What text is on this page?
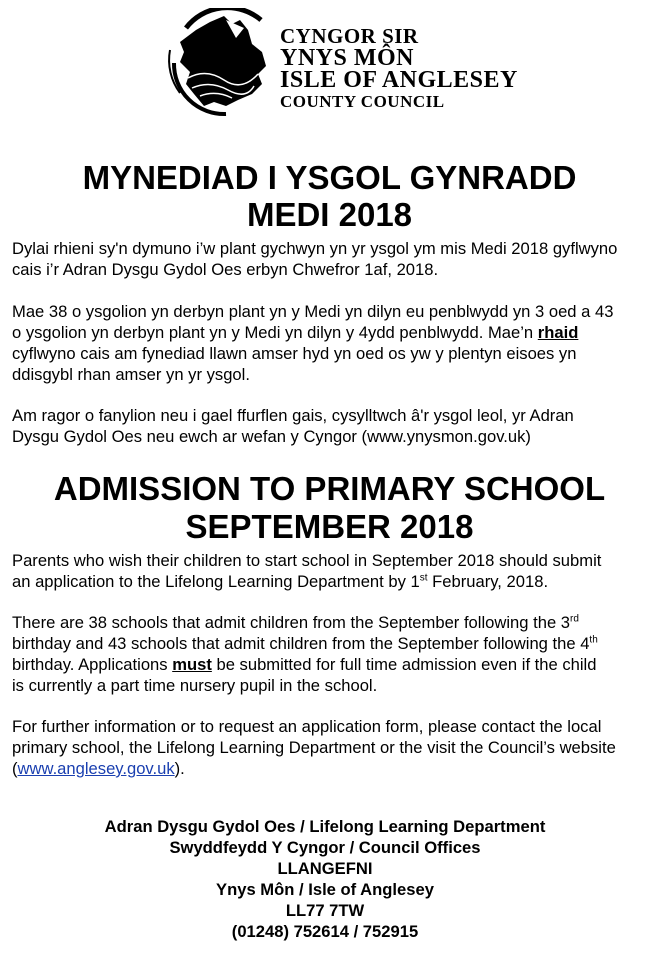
CYNGOR SIR
YNYS MÔN
ISLE OF ANGLESEY
COUNTY COUNCIL
MYNEDIAD I YSGOL GYNRADD
MEDI 2018
Dylai rhieni sy'n dymuno i’w plant gychwyn yn yr ysgol ym mis Medi 2018 gyflwyno
cais i’r Adran Dysgu Gydol Oes erbyn Chwefror 1af, 2018.
Mae 38 o ysgolion yn derbyn plant yn y Medi yn dilyn eu penblwydd yn 3 oed a 43
o ysgolion yn derbyn plant yn y Medi yn dilyn y 4ydd penblwydd. Mae’n rhaid
cyflwyno cais am fynediad llawn amser hyd yn oed os yw y plentyn eisoes yn
ddisgybl rhan amser yn yr ysgol.
Am ragor o fanylion neu i gael ffurflen gais, cysylltwch â'r ysgol leol, yr Adran
Dysgu Gydol Oes neu ewch ar wefan y Cyngor (www.ynysmon.gov.uk)
ADMISSION TO PRIMARY SCHOOL
SEPTEMBER 2018
Parents who wish their children to start school in September 2018 should submit
an application to the Lifelong Learning Department by 1st February, 2018.
There are 38 schools that admit children from the September following the 3rd
birthday and 43 schools that admit children from the September following the 4th
birthday. Applications must be submitted for full time admission even if the child
is currently a part time nursery pupil in the school.
For further information or to request an application form, please contact the local
primary school, the Lifelong Learning Department or the visit the Council’s website
(www.anglesey.gov.uk).
Adran Dysgu Gydol Oes / Lifelong Learning Department
Swyddfeydd Y Cyngor / Council Offices
LLANGEFNI
Ynys Môn / Isle of Anglesey
LL77 7TW
(01248) 752614 / 752915
